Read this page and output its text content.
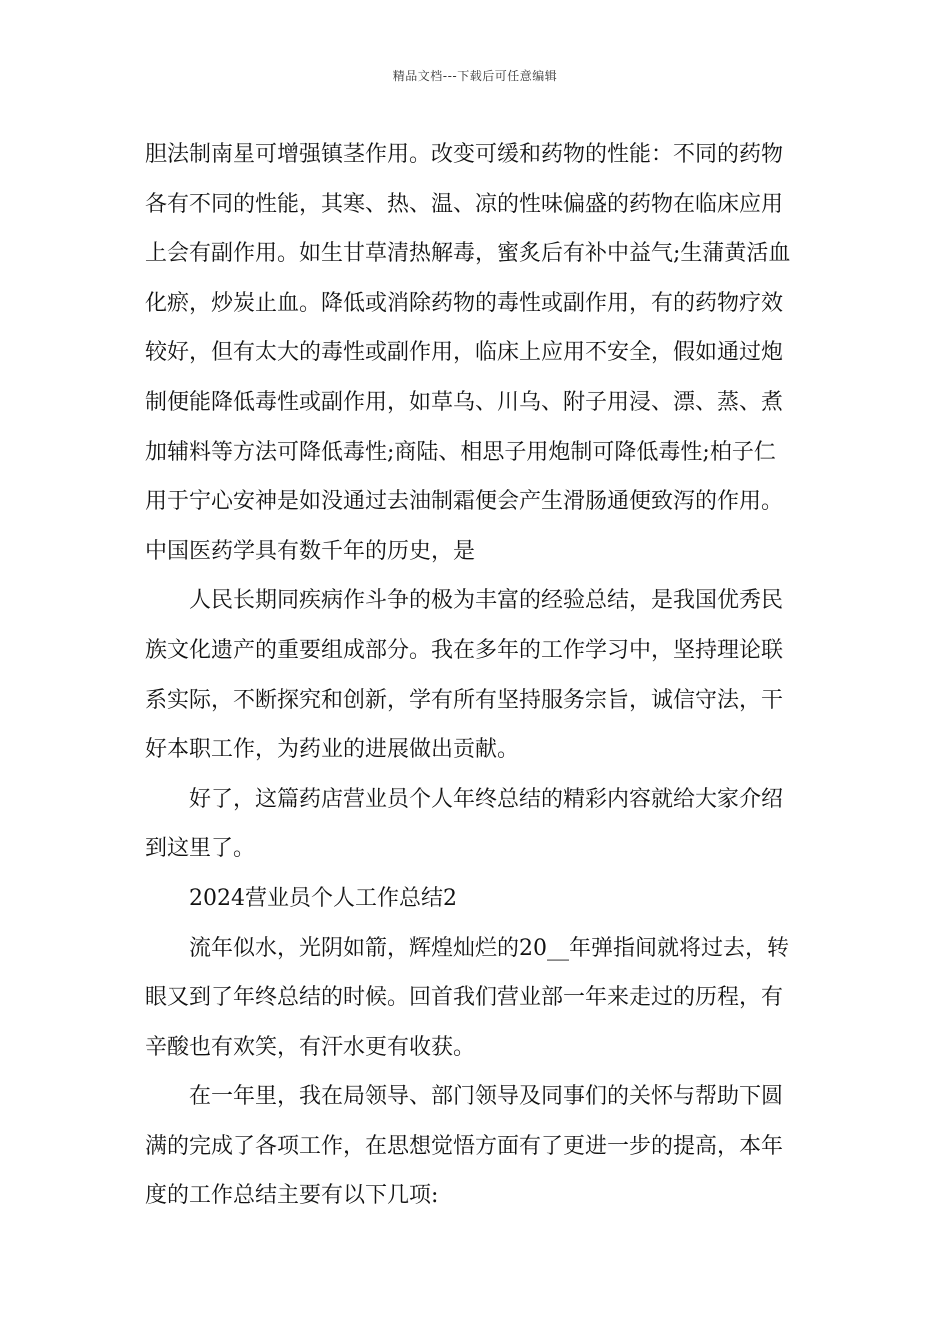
精品文档---下载后可任意编辑
胆法制南星可增强镇茎作用。改变可缓和药物的性能：不同的药物
各有不同的性能，其寒、热、温、凉的性味偏盛的药物在临床应用
上会有副作用。如生甘草清热解毒，蜜炙后有补中益气;生蒲黄活血
化瘀，炒炭止血。降低或消除药物的毒性或副作用，有的药物疗效
较好，但有太大的毒性或副作用，临床上应用不安全，假如通过炮
制便能降低毒性或副作用，如草乌、川乌、附子用浸、漂、蒸、煮
加辅料等方法可降低毒性;商陆、相思子用炮制可降低毒性;柏子仁
用于宁心安神是如没通过去油制霜便会产生滑肠通便致泻的作用。
中国医药学具有数千年的历史，是
人民长期同疾病作斗争的极为丰富的经验总结，是我国优秀民
族文化遗产的重要组成部分。我在多年的工作学习中，坚持理论联
系实际，不断探究和创新，学有所有坚持服务宗旨，诚信守法，干
好本职工作，为药业的进展做出贡献。
好了，这篇药店营业员个人年终总结的精彩内容就给大家介绍
到这里了。
2024营业员个人工作总结2
流年似水，光阴如箭，辉煌灿烂的20__年弹指间就将过去，转
眼又到了年终总结的时候。回首我们营业部一年来走过的历程，有
辛酸也有欢笑，有汗水更有收获。
在一年里，我在局领导、部门领导及同事们的关怀与帮助下圆
满的完成了各项工作，在思想觉悟方面有了更进一步的提高，本年
度的工作总结主要有以下几项:
